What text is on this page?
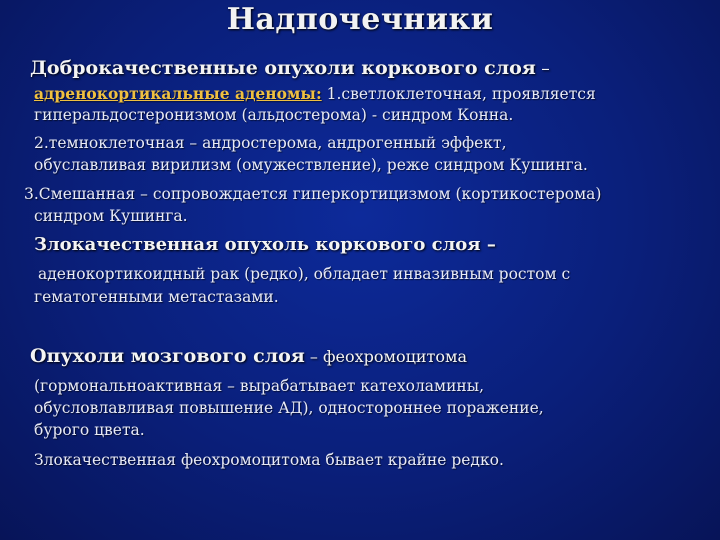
Надпочечники
Доброкачественные опухоли коркового слоя –
адренокортикальные аденомы: 1.светлоклеточная, проявляется
гиперальдостеронизмом (альдостерома) - синдром Конна.
2.темноклеточная – андростерома, андрогенный эффект,
обуславливая вирилизм (омужествление), реже синдром Кушинга.
3.Смешанная – сопровождается гиперкортицизмом (кортикостерома)
синдром Кушинга.
Злокачественная опухоль коркового слоя –
аденокортикоидный рак (редко), обладает инвазивным ростом с
гематогенными метастазами.
Опухоли мозгового слоя – феохромоцитома
(гормональноактивная – вырабатывает катехоламины,
обусловлавливая повышение АД), одностороннее поражение,
бурого цвета.
Злокачественная феохромоцитома бывает крайне редко.
